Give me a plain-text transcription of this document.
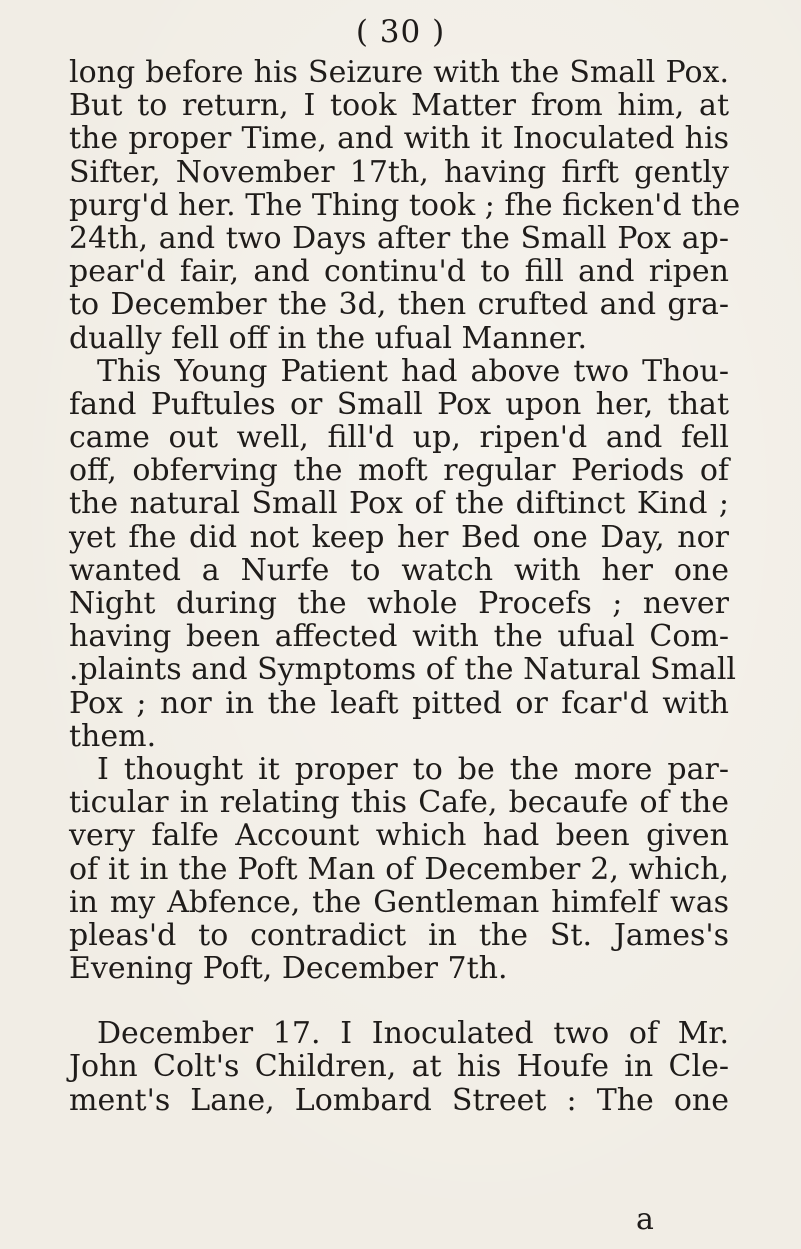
( 30 )
long before his Seizure with the Small Pox.
But to return, I took Matter from him, at
the proper Time, and with it Inoculated his
Sifter, November 17th, having firft gently
purg'd her. The Thing took ; fhe ficken'd the
24th, and two Days after the Small Pox ap-
pear'd fair, and continu'd to fill and ripen
to December the 3d, then crufted and gra-
dually fell off in the ufual Manner.
This Young Patient had above two Thou-
fand Puftules or Small Pox upon her, that
came out well, fill'd up, ripen'd and fell
off, obferving the moft regular Periods of
the natural Small Pox of the diftinct Kind ;
yet fhe did not keep her Bed one Day, nor
wanted a Nurfe to watch with her one
Night during the whole Procefs ; never
having been affected with the ufual Com-
.plaints and Symptoms of the Natural Small
Pox ; nor in the leaft pitted or fcar'd with
them.
I thought it proper to be the more par-
ticular in relating this Cafe, becaufe of the
very falfe Account which had been given
of it in the Poft Man of December 2, which,
in my Abfence, the Gentleman himfelf was
pleas'd to contradict in the St. James's
Evening Poft, December 7th.
December 17. I Inoculated two of Mr.
John Colt's Children, at his Houfe in Cle-
ment's Lane, Lombard Street : The one
a
